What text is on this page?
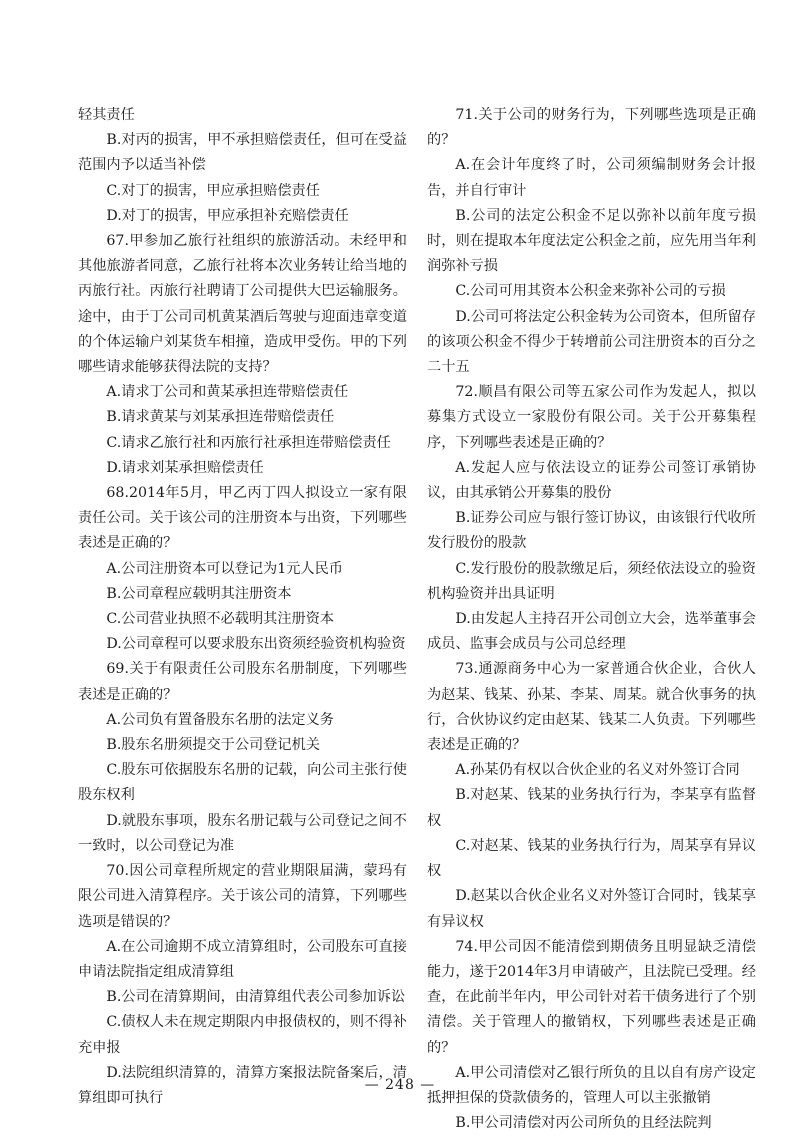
轻其责任

B.对丙的损害，甲不承担赔偿责任，但可在受益范围内予以适当补偿

C.对丁的损害，甲应承担赔偿责任

D.对丁的损害，甲应承担补充赔偿责任

67.甲参加乙旅行社组织的旅游活动。未经甲和其他旅游者同意，乙旅行社将本次业务转让给当地的丙旅行社。丙旅行社聘请丁公司提供大巴运输服务。途中，由于丁公司司机黄某酒后驾驶与迎面违章变道的个体运输户刘某货车相撞，造成甲受伤。甲的下列哪些请求能够获得法院的支持？

A.请求丁公司和黄某承担连带赔偿责任

B.请求黄某与刘某承担连带赔偿责任

C.请求乙旅行社和丙旅行社承担连带赔偿责任

D.请求刘某承担赔偿责任

68.2014年5月，甲乙丙丁四人拟设立一家有限责任公司。关于该公司的注册资本与出资，下列哪些表述是正确的？

A.公司注册资本可以登记为1元人民币

B.公司章程应载明其注册资本

C.公司营业执照不必载明其注册资本

D.公司章程可以要求股东出资须经验资机构验资

69.关于有限责任公司股东名册制度，下列哪些表述是正确的？

A.公司负有置备股东名册的法定义务

B.股东名册须提交于公司登记机关

C.股东可依据股东名册的记载，向公司主张行使股东权利

D.就股东事项，股东名册记载与公司登记之间不一致时，以公司登记为准

70.因公司章程所规定的营业期限届满，蒙玛有限公司进入清算程序。关于该公司的清算，下列哪些选项是错误的？

A.在公司逾期不成立清算组时，公司股东可直接申请法院指定组成清算组

B.公司在清算期间，由清算组代表公司参加诉讼

C.债权人未在规定期限内申报债权的，则不得补充申报

D.法院组织清算的，清算方案报法院备案后，清算组即可执行

71.关于公司的财务行为，下列哪些选项是正确的？

A.在会计年度终了时，公司须编制财务会计报告，并自行审计

B.公司的法定公积金不足以弥补以前年度亏损时，则在提取本年度法定公积金之前，应先用当年利润弥补亏损

C.公司可用其资本公积金来弥补公司的亏损

D.公司可将法定公积金转为公司资本，但所留存的该项公积金不得少于转增前公司注册资本的百分之二十五

72.顺昌有限公司等五家公司作为发起人，拟以募集方式设立一家股份有限公司。关于公开募集程序，下列哪些表述是正确的？

A.发起人应与依法设立的证券公司签订承销协议，由其承销公开募集的股份

B.证券公司应与银行签订协议，由该银行代收所发行股份的股款

C.发行股份的股款缴足后，须经依法设立的验资机构验资并出具证明

D.由发起人主持召开公司创立大会，选举董事会成员、监事会成员与公司总经理

73.通源商务中心为一家普通合伙企业，合伙人为赵某、钱某、孙某、李某、周某。就合伙事务的执行，合伙协议约定由赵某、钱某二人负责。下列哪些表述是正确的？

A.孙某仍有权以合伙企业的名义对外签订合同

B.对赵某、钱某的业务执行行为，李某享有监督权

C.对赵某、钱某的业务执行行为，周某享有异议权

D.赵某以合伙企业名义对外签订合同时，钱某享有异议权

74.甲公司因不能清偿到期债务且明显缺乏清偿能力，遂于2014年3月申请破产，且法院已受理。经查，在此前半年内，甲公司针对若干债务进行了个别清偿。关于管理人的撤销权，下列哪些表述是正确的？

A.甲公司清偿对乙银行所负的且以自有房产设定抵押担保的贷款债务的，管理人可以主张撤销

B.甲公司清偿对丙公司所负的且经法院判

— 248 —
